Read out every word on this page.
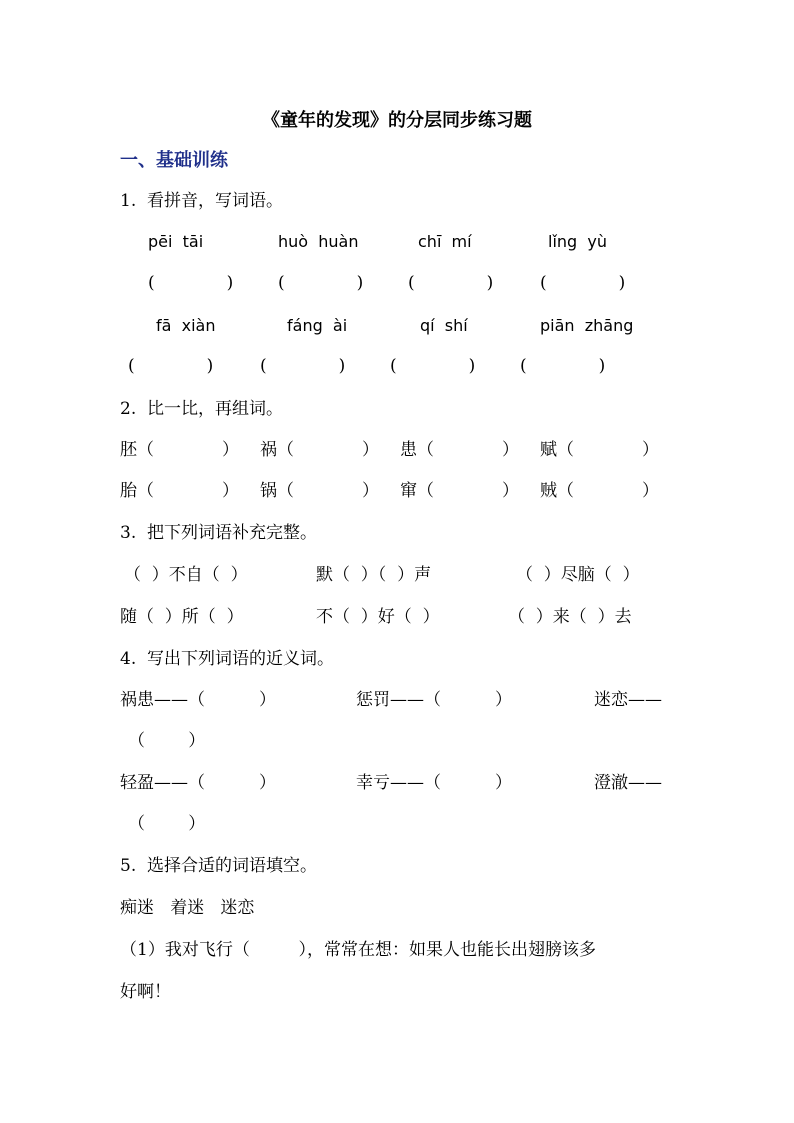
《童年的发现》的分层同步练习题
一、基础训练
1.  看拼音，写词语。
pēi  tāi	huò  huàn	chī  mí	lǐng  yù
(	)	(	)	(	)	(	)
fā  xiàn	fáng  ài	qí  shí	piān  zhāng
(	)	(	)	(	)	(	)
2.  比一比，再组词。
胚（	） 祸（	） 患（	） 赋（	）
胎（	） 锅（	） 窜（	） 贼（	）
3.  把下列词语补充完整。
（  ）不自（  ）	默（  ）（  ）声	（  ）尽脑（  ）
随（  ）所（  ）	不（  ）好（  ）	（  ）来（  ）去
4.  写出下列词语的近义词。
祸患——（          ）	惩罚——（          ）	迷恋——
（        ）
轻盈——（          ）	幸亏——（          ）	澄澈——
（        ）
5.  选择合适的词语填空。
痴迷   着迷   迷恋
（1）我对飞行（         ），常常在想：如果人也能长出翅膀该多
好啊！
